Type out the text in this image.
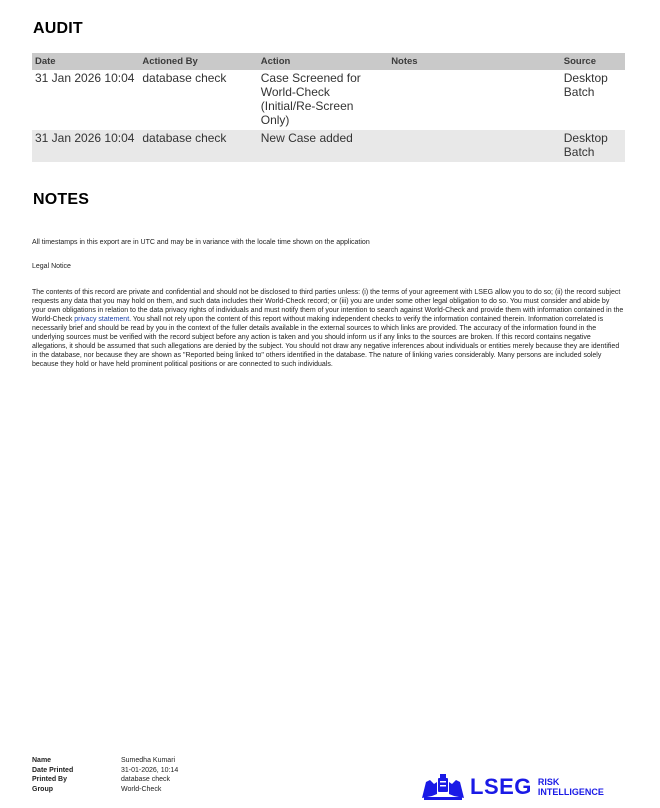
AUDIT
Date	Actioned By	Action	Notes	Source
31 Jan 2026 10:04	database check	Case Screened for World-Check (Initial/Re-Screen Only)		Desktop Batch
31 Jan 2026 10:04	database check	New Case added		Desktop Batch
NOTES

All timestamps in this export are in UTC and may be in variance with the locale time shown on the application

Legal Notice

The contents of this record are private and confidential and should not be disclosed to third parties unless: (i) the terms of your agreement with LSEG allow you to do so; (ii) the record subject requests any data that you may hold on them, and such data includes their World-Check record; or (iii) you are under some other legal obligation to do so. You must consider and abide by your own obligations in relation to the data privacy rights of individuals and must notify them of your intention to search against World-Check and provide them with information contained in the World-Check privacy statement. You shall not rely upon the content of this report without making independent checks to verify the information contained therein. Information correlated is necessarily brief and should be read by you in the context of the fuller details available in the external sources to which links are provided. The accuracy of the information found in the underlying sources must be verified with the record subject before any action is taken and you should inform us if any links to the sources are broken. If this record contains negative allegations, it should be assumed that such allegations are denied by the subject. You should not draw any negative inferences about individuals or entities merely because they are identified in the database, nor because they are shown as "Reported being linked to" others identified in the database. The nature of linking varies considerably. Many persons are included solely because they hold or have held prominent political positions or are connected to such individuals.

Name	Sumedha Kumari
Date Printed	31-01-2026, 10:14
Printed By	database check
Group	World-Check	LSEG RISK
INTELLIGENCE
